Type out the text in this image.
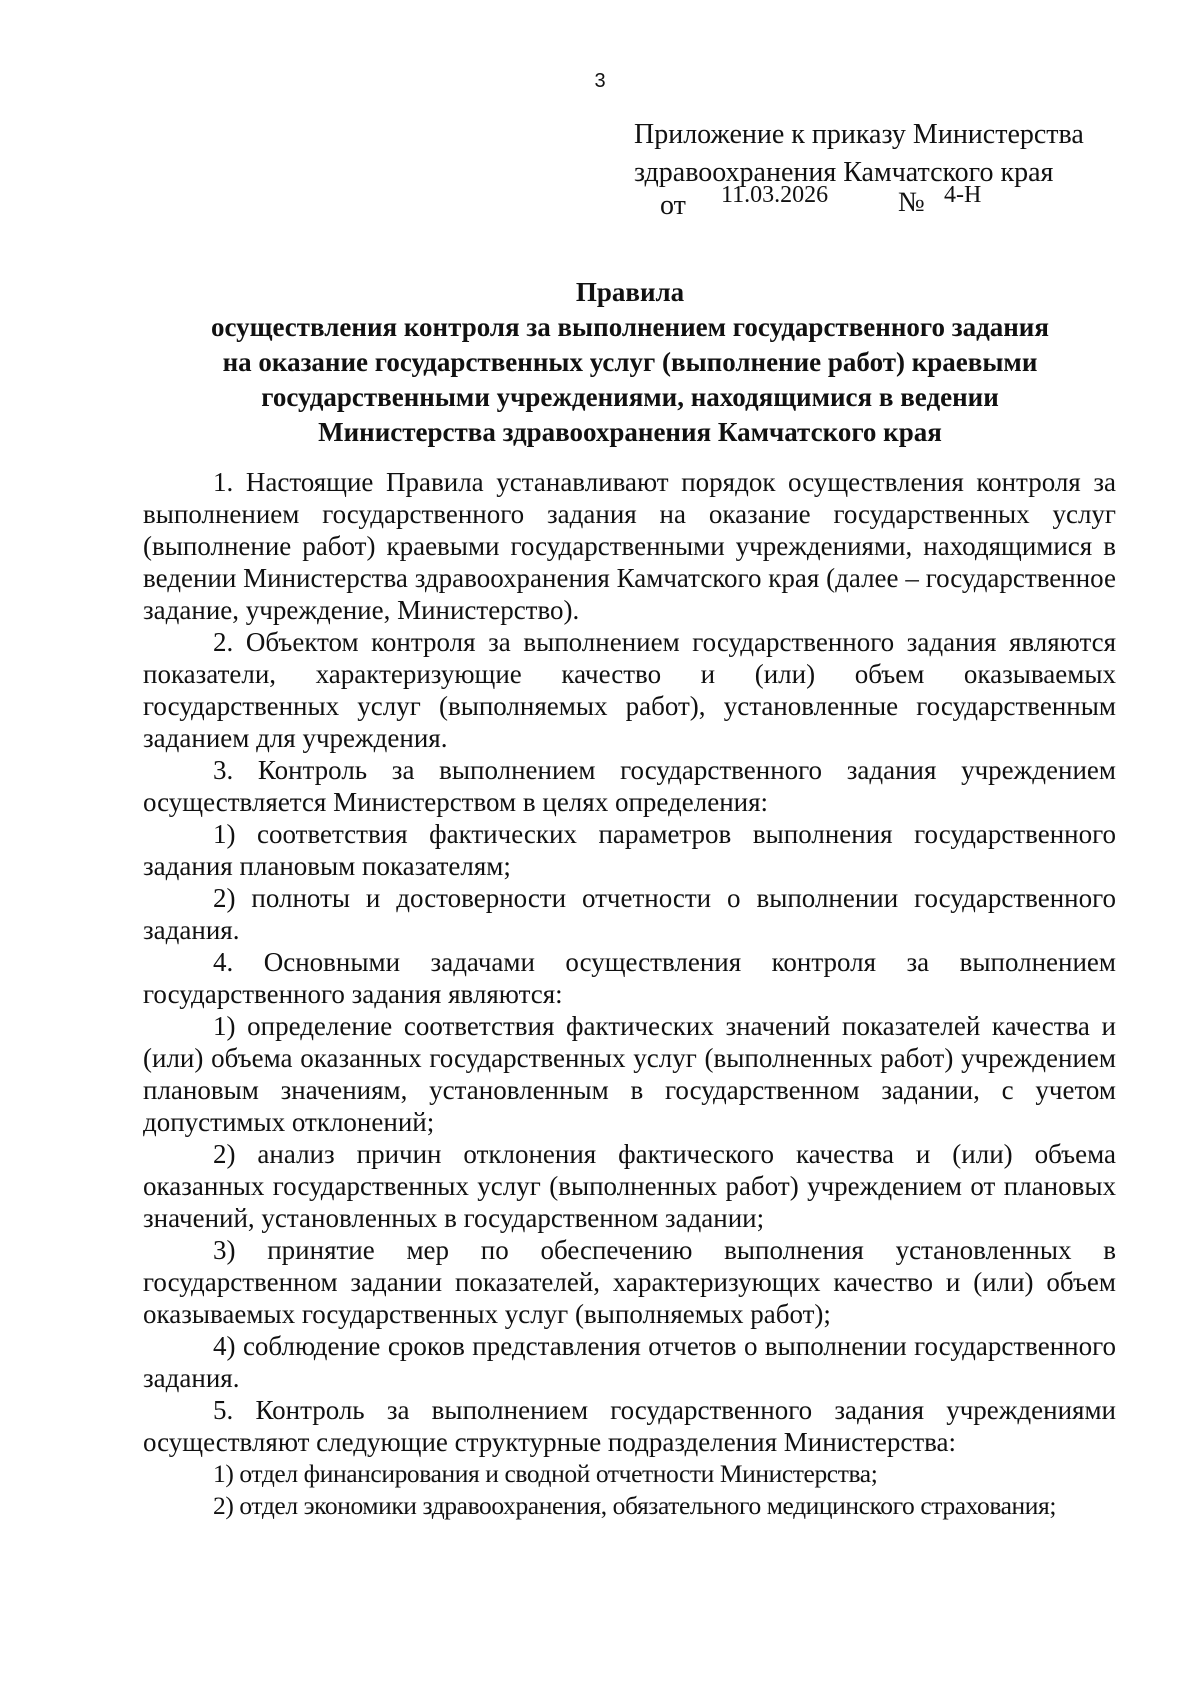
3
Приложение к приказу Министерства
здравоохранения Камчатского края
от 11.03.2026 № 4-Н
Правила
осуществления контроля за выполнением государственного задания
на оказание государственных услуг (выполнение работ) краевыми
государственными учреждениями, находящимися в ведении
Министерства здравоохранения Камчатского края

1. Настоящие Правила устанавливают порядок осуществления контроля за выполнением государственного задания на оказание государственных услуг (выполнение работ) краевыми государственными учреждениями, находящимися в ведении Министерства здравоохранения Камчатского края (далее – государственное задание, учреждение, Министерство).

2. Объектом контроля за выполнением государственного задания являются показатели, характеризующие качество и (или) объем оказываемых государственных услуг (выполняемых работ), установленные государственным заданием для учреждения.

3. Контроль за выполнением государственного задания учреждением осуществляется Министерством в целях определения:

1) соответствия фактических параметров выполнения государственного задания плановым показателям;

2) полноты и достоверности отчетности о выполнении государственного задания.

4. Основными задачами осуществления контроля за выполнением государственного задания являются:

1) определение соответствия фактических значений показателей качества и (или) объема оказанных государственных услуг (выполненных работ) учреждением плановым значениям, установленным в государственном задании, с учетом допустимых отклонений;

2) анализ причин отклонения фактического качества и (или) объема оказанных государственных услуг (выполненных работ) учреждением от плановых значений, установленных в государственном задании;

3) принятие мер по обеспечению выполнения установленных в государственном задании показателей, характеризующих качество и (или) объем оказываемых государственных услуг (выполняемых работ);

4) соблюдение сроков представления отчетов о выполнении государственного задания.

5. Контроль за выполнением государственного задания учреждениями осуществляют следующие структурные подразделения Министерства:

1) отдел финансирования и сводной отчетности Министерства;

2) отдел экономики здравоохранения, обязательного медицинского страхования;
